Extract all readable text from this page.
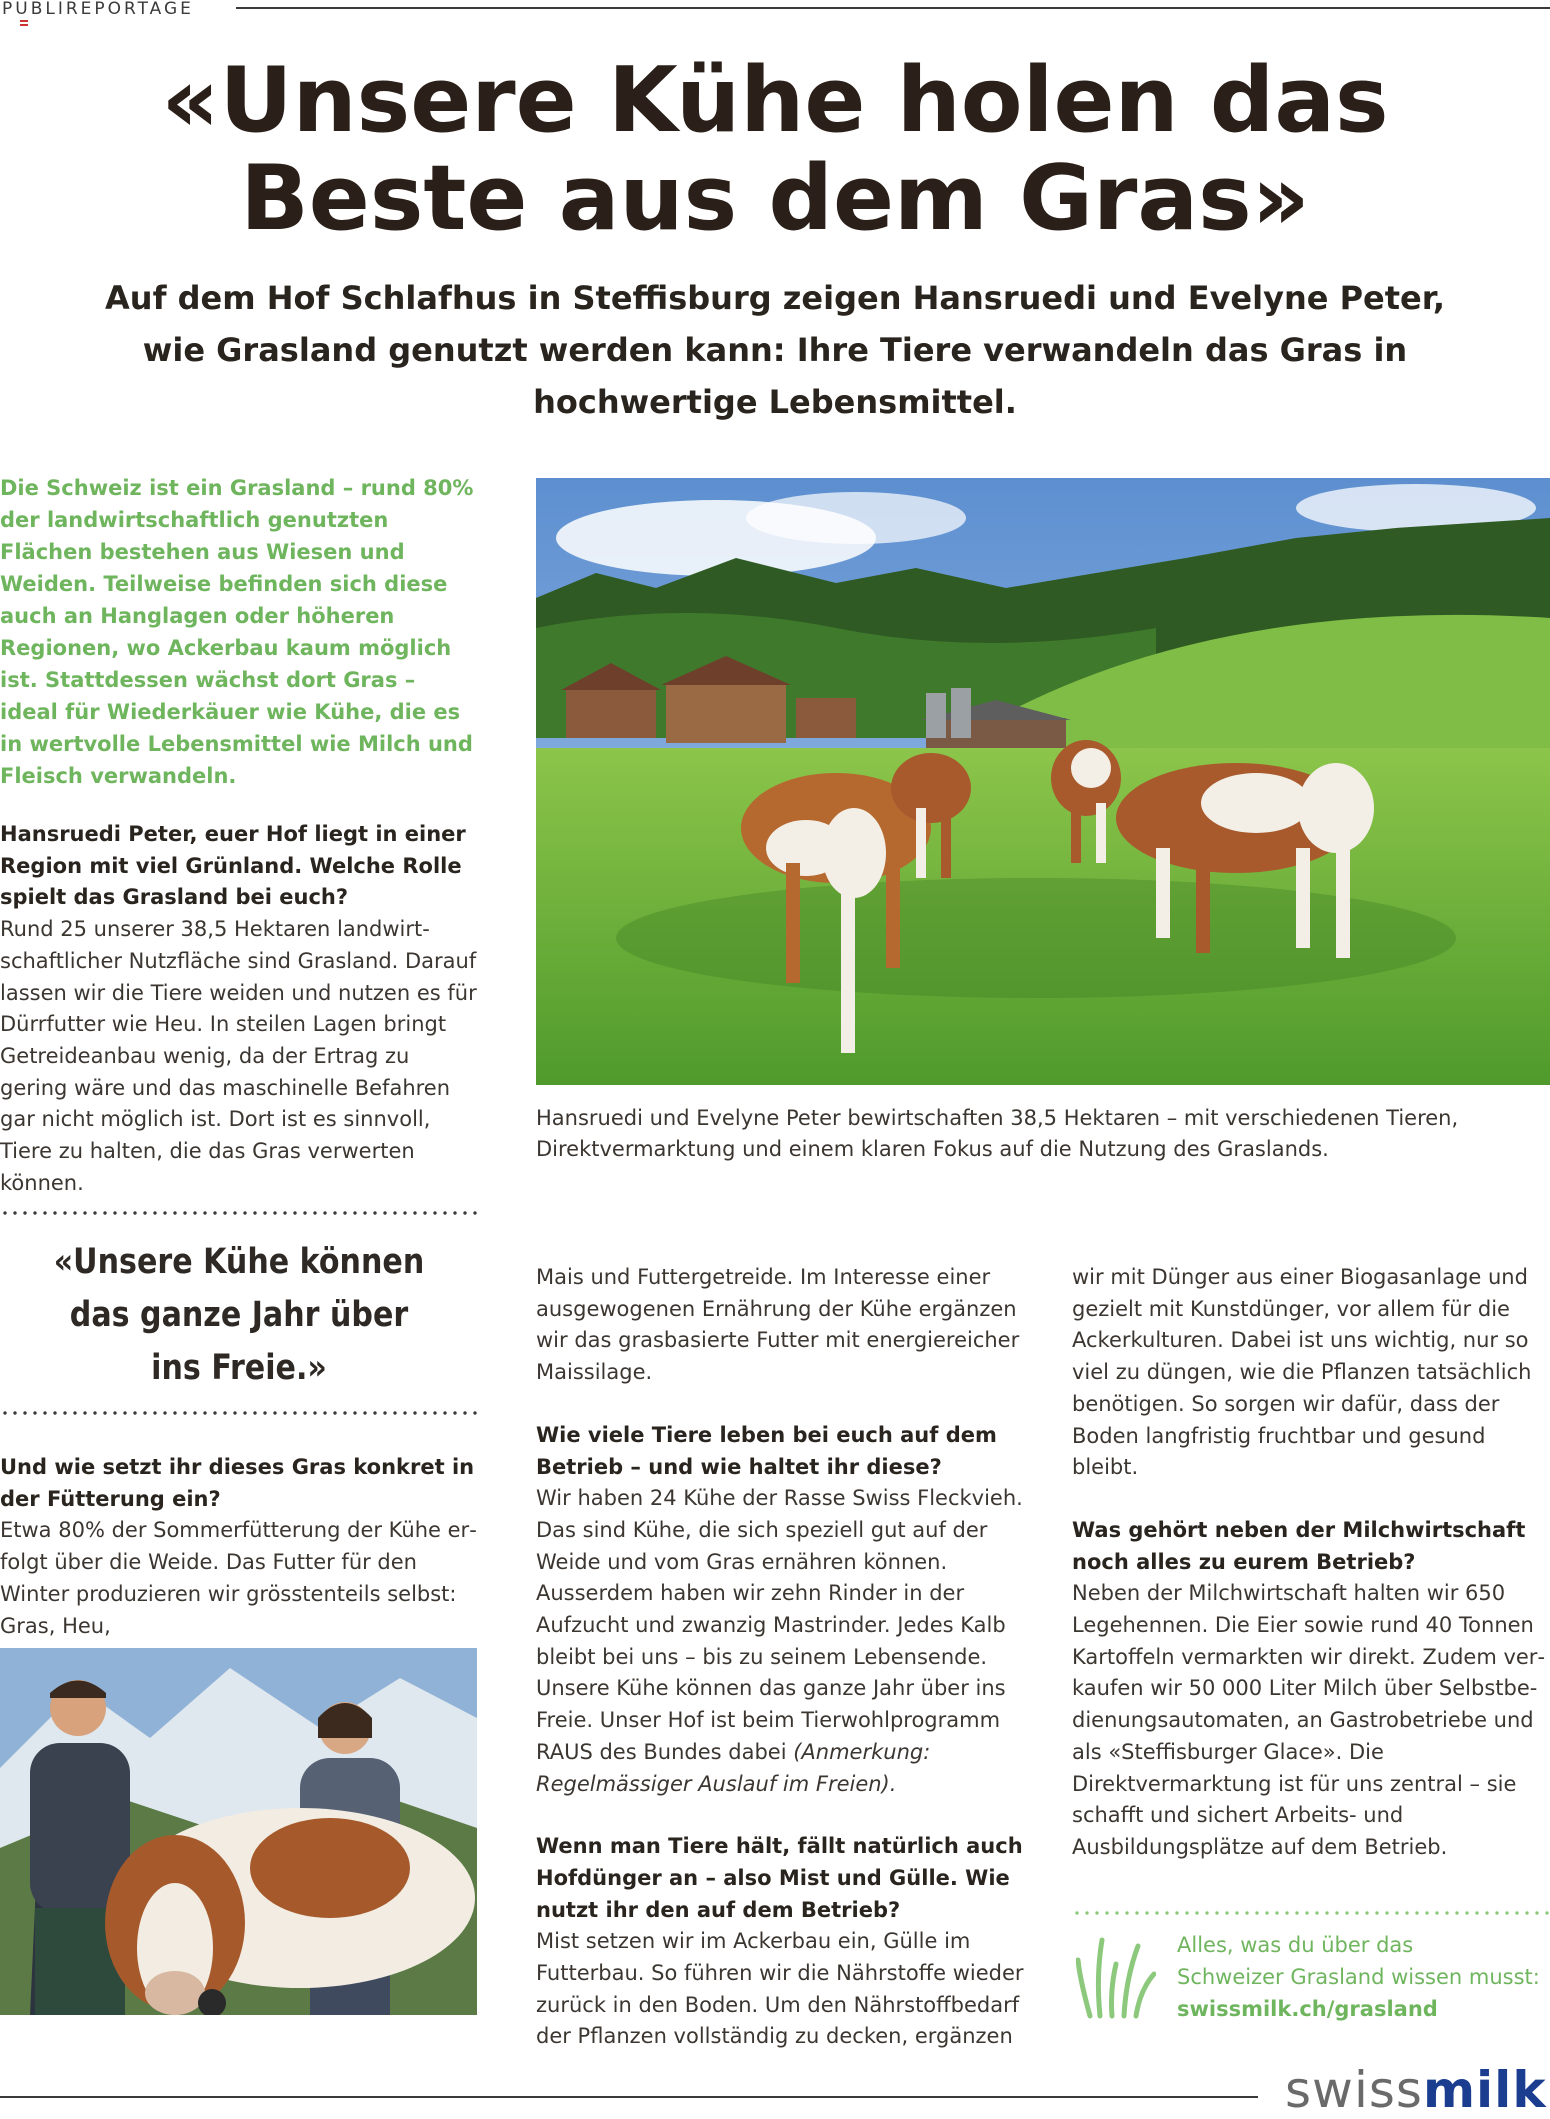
PUBLIREPORTAGE
«Unsere Kühe holen das
Beste aus dem Gras»

Auf dem Hof Schlafhus in Steffisburg zeigen Hansruedi und Evelyne Peter, wie Grasland genutzt werden kann: Ihre Tiere verwandeln das Gras in hochwertige Lebensmittel.

Die Schweiz ist ein Grasland – rund 80% der landwirtschaftlich genutzten Flächen bestehen aus Wiesen und Weiden. Teilweise befinden sich diese auch an Hanglagen oder höheren Regionen, wo Ackerbau kaum möglich ist. Stattdessen wächst dort Gras – ideal für Wiederkäuer wie Kühe, die es in wertvolle Lebensmittel wie Milch und Fleisch verwandeln.

Hansruedi und Evelyne Peter bewirtschaften 38,5 Hektaren – mit verschiedenen Tieren, Direktvermarktung und einem klaren Fokus auf die Nutzung des Graslands.

Hansruedi Peter, euer Hof liegt in einer Region mit viel Grünland. Welche Rolle spielt das Grasland bei euch?

Rund 25 unserer 38,5 Hektaren landwirtschaftlicher Nutzfläche sind Grasland. Darauf lassen wir die Tiere weiden und nutzen es für Dürrfutter wie Heu. In steilen Lagen bringt Getreideanbau wenig, da der Ertrag zu gering wäre und das maschinelle Befahren gar nicht möglich ist. Dort ist es sinnvoll, Tiere zu halten, die das Gras verwerten können.

«Unsere Kühe können
das ganze Jahr über
ins Freie.»

Und wie setzt ihr dieses Gras konkret in der Fütterung ein?

Etwa 80% der Sommerfütterung der Kühe erfolgt über die Weide. Das Futter für den Winter produzieren wir grösstenteils selbst: Gras, Heu,

Mais und Futtergetreide. Im Interesse einer ausgewogenen Ernährung der Kühe ergänzen wir das grasbasierte Futter mit energiereicher Maissilage.

Wie viele Tiere leben bei euch auf dem Betrieb – und wie haltet ihr diese?

Wir haben 24 Kühe der Rasse Swiss Fleckvieh. Das sind Kühe, die sich speziell gut auf der Weide und vom Gras ernähren können. Ausserdem haben wir zehn Rinder in der Aufzucht und zwanzig Mastrinder. Jedes Kalb bleibt bei uns – bis zu seinem Lebensende. Unsere Kühe können das ganze Jahr über ins Freie. Unser Hof ist beim Tierwohlprogramm RAUS des Bundes dabei (Anmerkung: Regelmässiger Auslauf im Freien).

Wenn man Tiere hält, fällt natürlich auch Hofdünger an – also Mist und Gülle. Wie nutzt ihr den auf dem Betrieb?

Mist setzen wir im Ackerbau ein, Gülle im Futterbau. So führen wir die Nährstoffe wieder zurück in den Boden. Um den Nährstoffbedarf der Pflanzen vollständig zu decken, ergänzen

wir mit Dünger aus einer Biogasanlage und gezielt mit Kunstdünger, vor allem für die Ackerkulturen. Dabei ist uns wichtig, nur so viel zu düngen, wie die Pflanzen tatsächlich benötigen. So sorgen wir dafür, dass der Boden langfristig fruchtbar und gesund bleibt.

Was gehört neben der Milchwirtschaft noch alles zu eurem Betrieb?

Neben der Milchwirtschaft halten wir 650 Legehennen. Die Eier sowie rund 40 Tonnen Kartoffeln vermarkten wir direkt. Zudem verkaufen wir 50 000 Liter Milch über Selbstbedienungsautomaten, an Gastrobetriebe und als «Steffisburger Glace». Die Direktvermarktung ist für uns zentral – sie schafft und sichert Arbeits- und Ausbildungsplätze auf dem Betrieb.

Alles, was du über das
Schweizer Grasland wissen musst:
swissmilk.ch/grasland

swissmilk
